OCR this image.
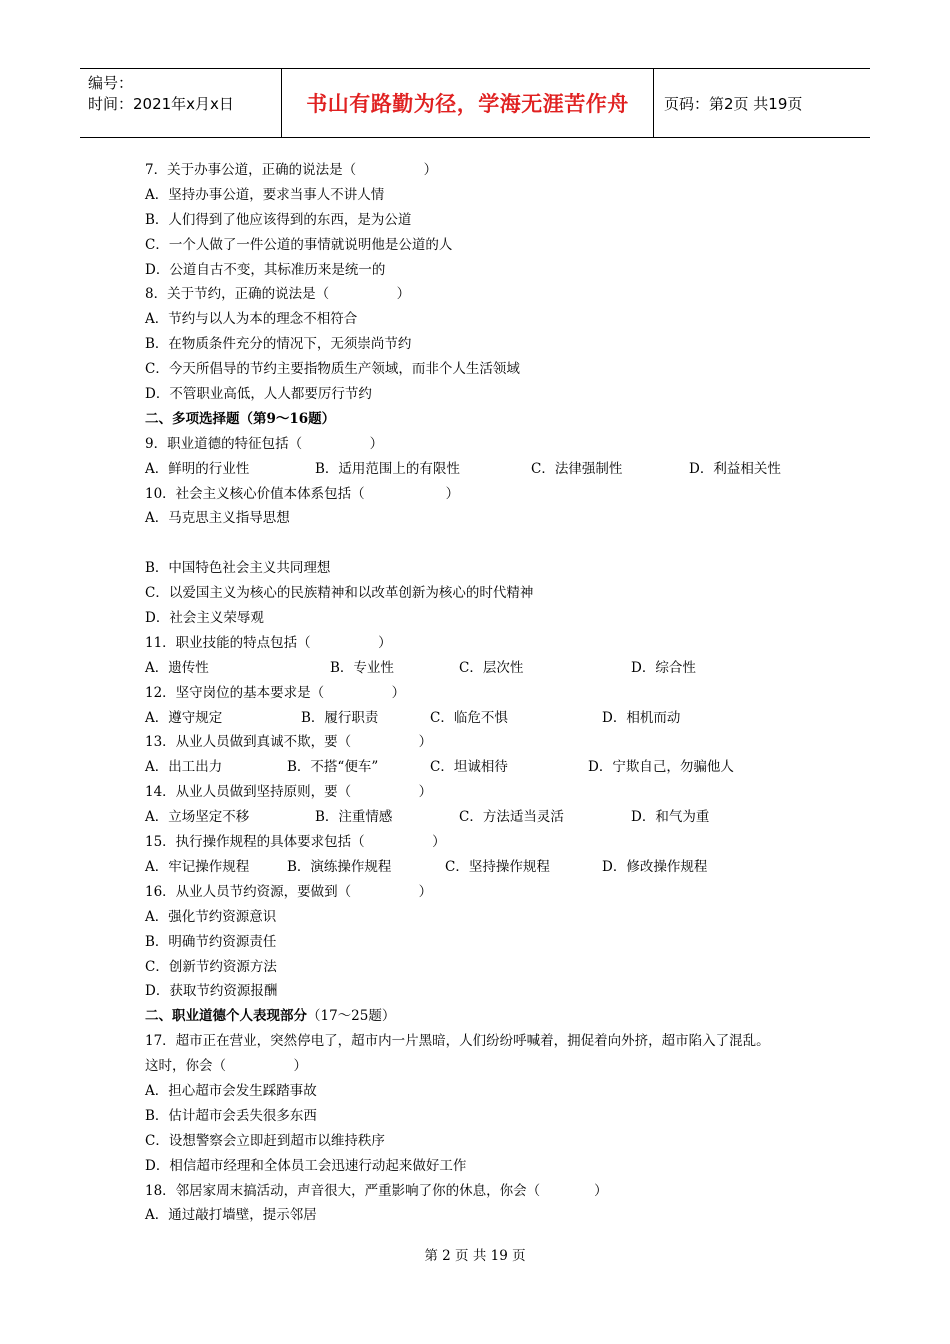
编号：
时间：2021年x月x日	书山有路勤为径，学海无涯苦作舟 页码：第2页 共19页
7．关于办事公道，正确的说法是（　　　　　）
A．坚持办事公道，要求当事人不讲人情
B．人们得到了他应该得到的东西，是为公道
C．一个人做了一件公道的事情就说明他是公道的人
D．公道自古不变，其标准历来是统一的
8．关于节约，正确的说法是（　　　　　）
A．节约与以人为本的理念不相符合
B．在物质条件充分的情况下，无须崇尚节约
C．今天所倡导的节约主要指物质生产领域，而非个人生活领域
D．不管职业高低，人人都要厉行节约
二、多项选择题（第9～16题）
9．职业道德的特征包括（　　　　　）
A．鲜明的行业性	B．适用范围上的有限性	C．法律强制性	D．利益相关性
10．社会主义核心价值本体系包括（　　　　　　）
A．马克思主义指导思想
B．中国特色社会主义共同理想
C．以爱国主义为核心的民族精神和以改革创新为核心的时代精神
D．社会主义荣辱观
11．职业技能的特点包括（　　　　　）
A．遗传性	B．专业性	C．层次性	D．综合性
12．坚守岗位的基本要求是（　　　　　）
A．遵守规定	B．履行职责	C．临危不惧	D．相机而动
13．从业人员做到真诚不欺，要（　　　　　）
A．出工出力	B．不搭“便车”	C．坦诚相待	D．宁欺自己，勿骗他人
14．从业人员做到坚持原则，要（　　　　　）
A．立场坚定不移	B．注重情感	C．方法适当灵活	D．和气为重
15．执行操作规程的具体要求包括（　　　　　）
A．牢记操作规程	B．演练操作规程	C．坚持操作规程	D．修改操作规程
16．从业人员节约资源，要做到（　　　　　）
A．强化节约资源意识
B．明确节约资源责任
C．创新节约资源方法
D．获取节约资源报酬
二、职业道德个人表现部分（17～25题）
17．超市正在营业，突然停电了，超市内一片黑暗，人们纷纷呼喊着，拥促着向外挤，超市陷入了混乱。
这时，你会（　　　　　）
A．担心超市会发生踩踏事故
B．估计超市会丢失很多东西
C．设想警察会立即赶到超市以维持秩序
D．相信超市经理和全体员工会迅速行动起来做好工作
18．邻居家周末搞活动，声音很大，严重影响了你的休息，你会（　　　　）
A．通过敲打墙壁，提示邻居
第 2 页 共 19 页
